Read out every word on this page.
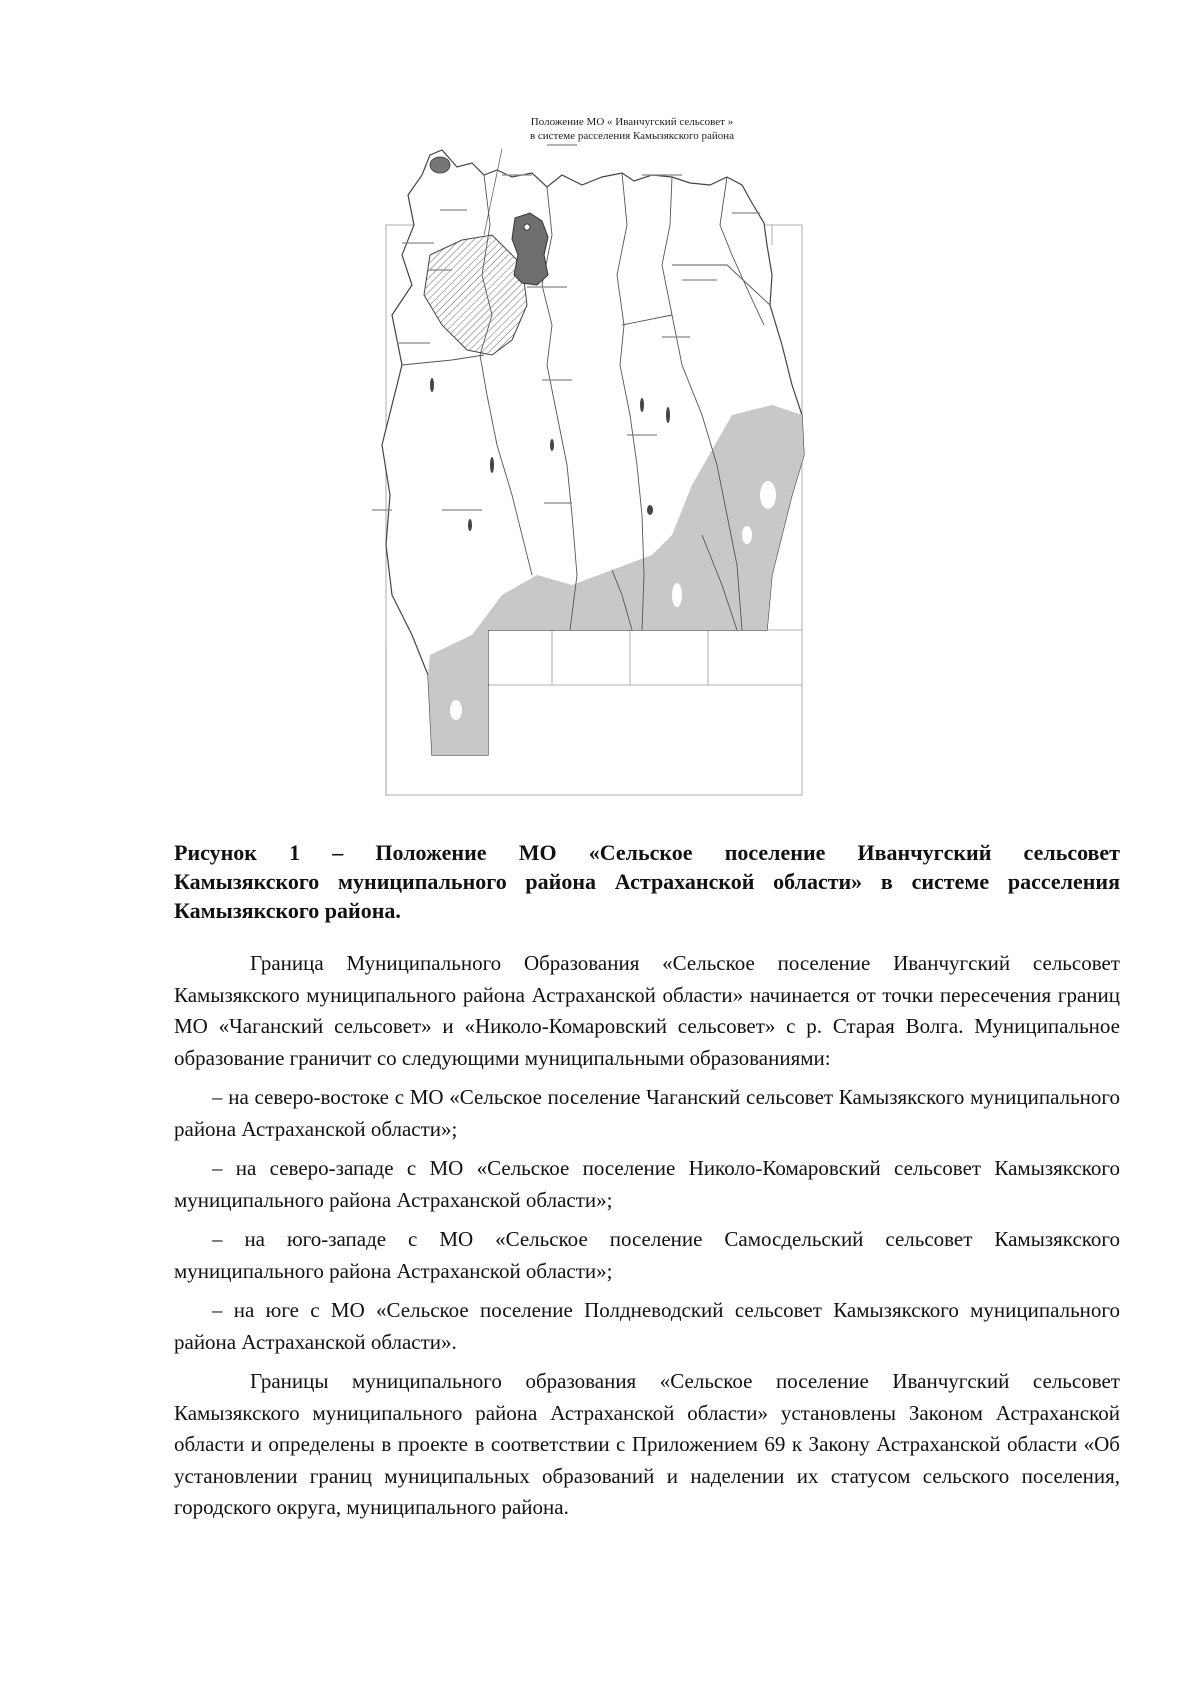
Положение МО « Иванчугский сельсовет »
в системе расселения Камызякского района
Рисунок 1 – Положение МО «Сельское поселение Иванчугский сельсовет
Камызякского муниципального района Астраханской области» в системе расселения
Камызякского района.

Граница Муниципального Образования «Сельское поселение Иванчугский сельсовет Камызякского муниципального района Астраханской области» начинается от точки пересечения границ МО «Чаганский сельсовет» и «Николо-Комаровский сельсовет» с р. Старая Волга. Муниципальное образование граничит со следующими муниципальными образованиями:

– на северо-востоке с МО «Сельское поселение Чаганский сельсовет Камызякского муниципального района Астраханской области»;

– на северо-западе с МО «Сельское поселение Николо-Комаровский сельсовет Камызякского муниципального района Астраханской области»;

– на юго-западе с МО «Сельское поселение Самосдельский сельсовет Камызякского муниципального района Астраханской области»;

– на юге с МО «Сельское поселение Полдневодский сельсовет Камызякского муниципального района Астраханской области».

Границы муниципального образования «Сельское поселение Иванчугский сельсовет Камызякского муниципального района Астраханской области» установлены Законом Астраханской области и определены в проекте в соответствии с Приложением 69 к Закону Астраханской области «Об установлении границ муниципальных образований и наделении их статусом сельского поселения, городского округа, муниципального района.
